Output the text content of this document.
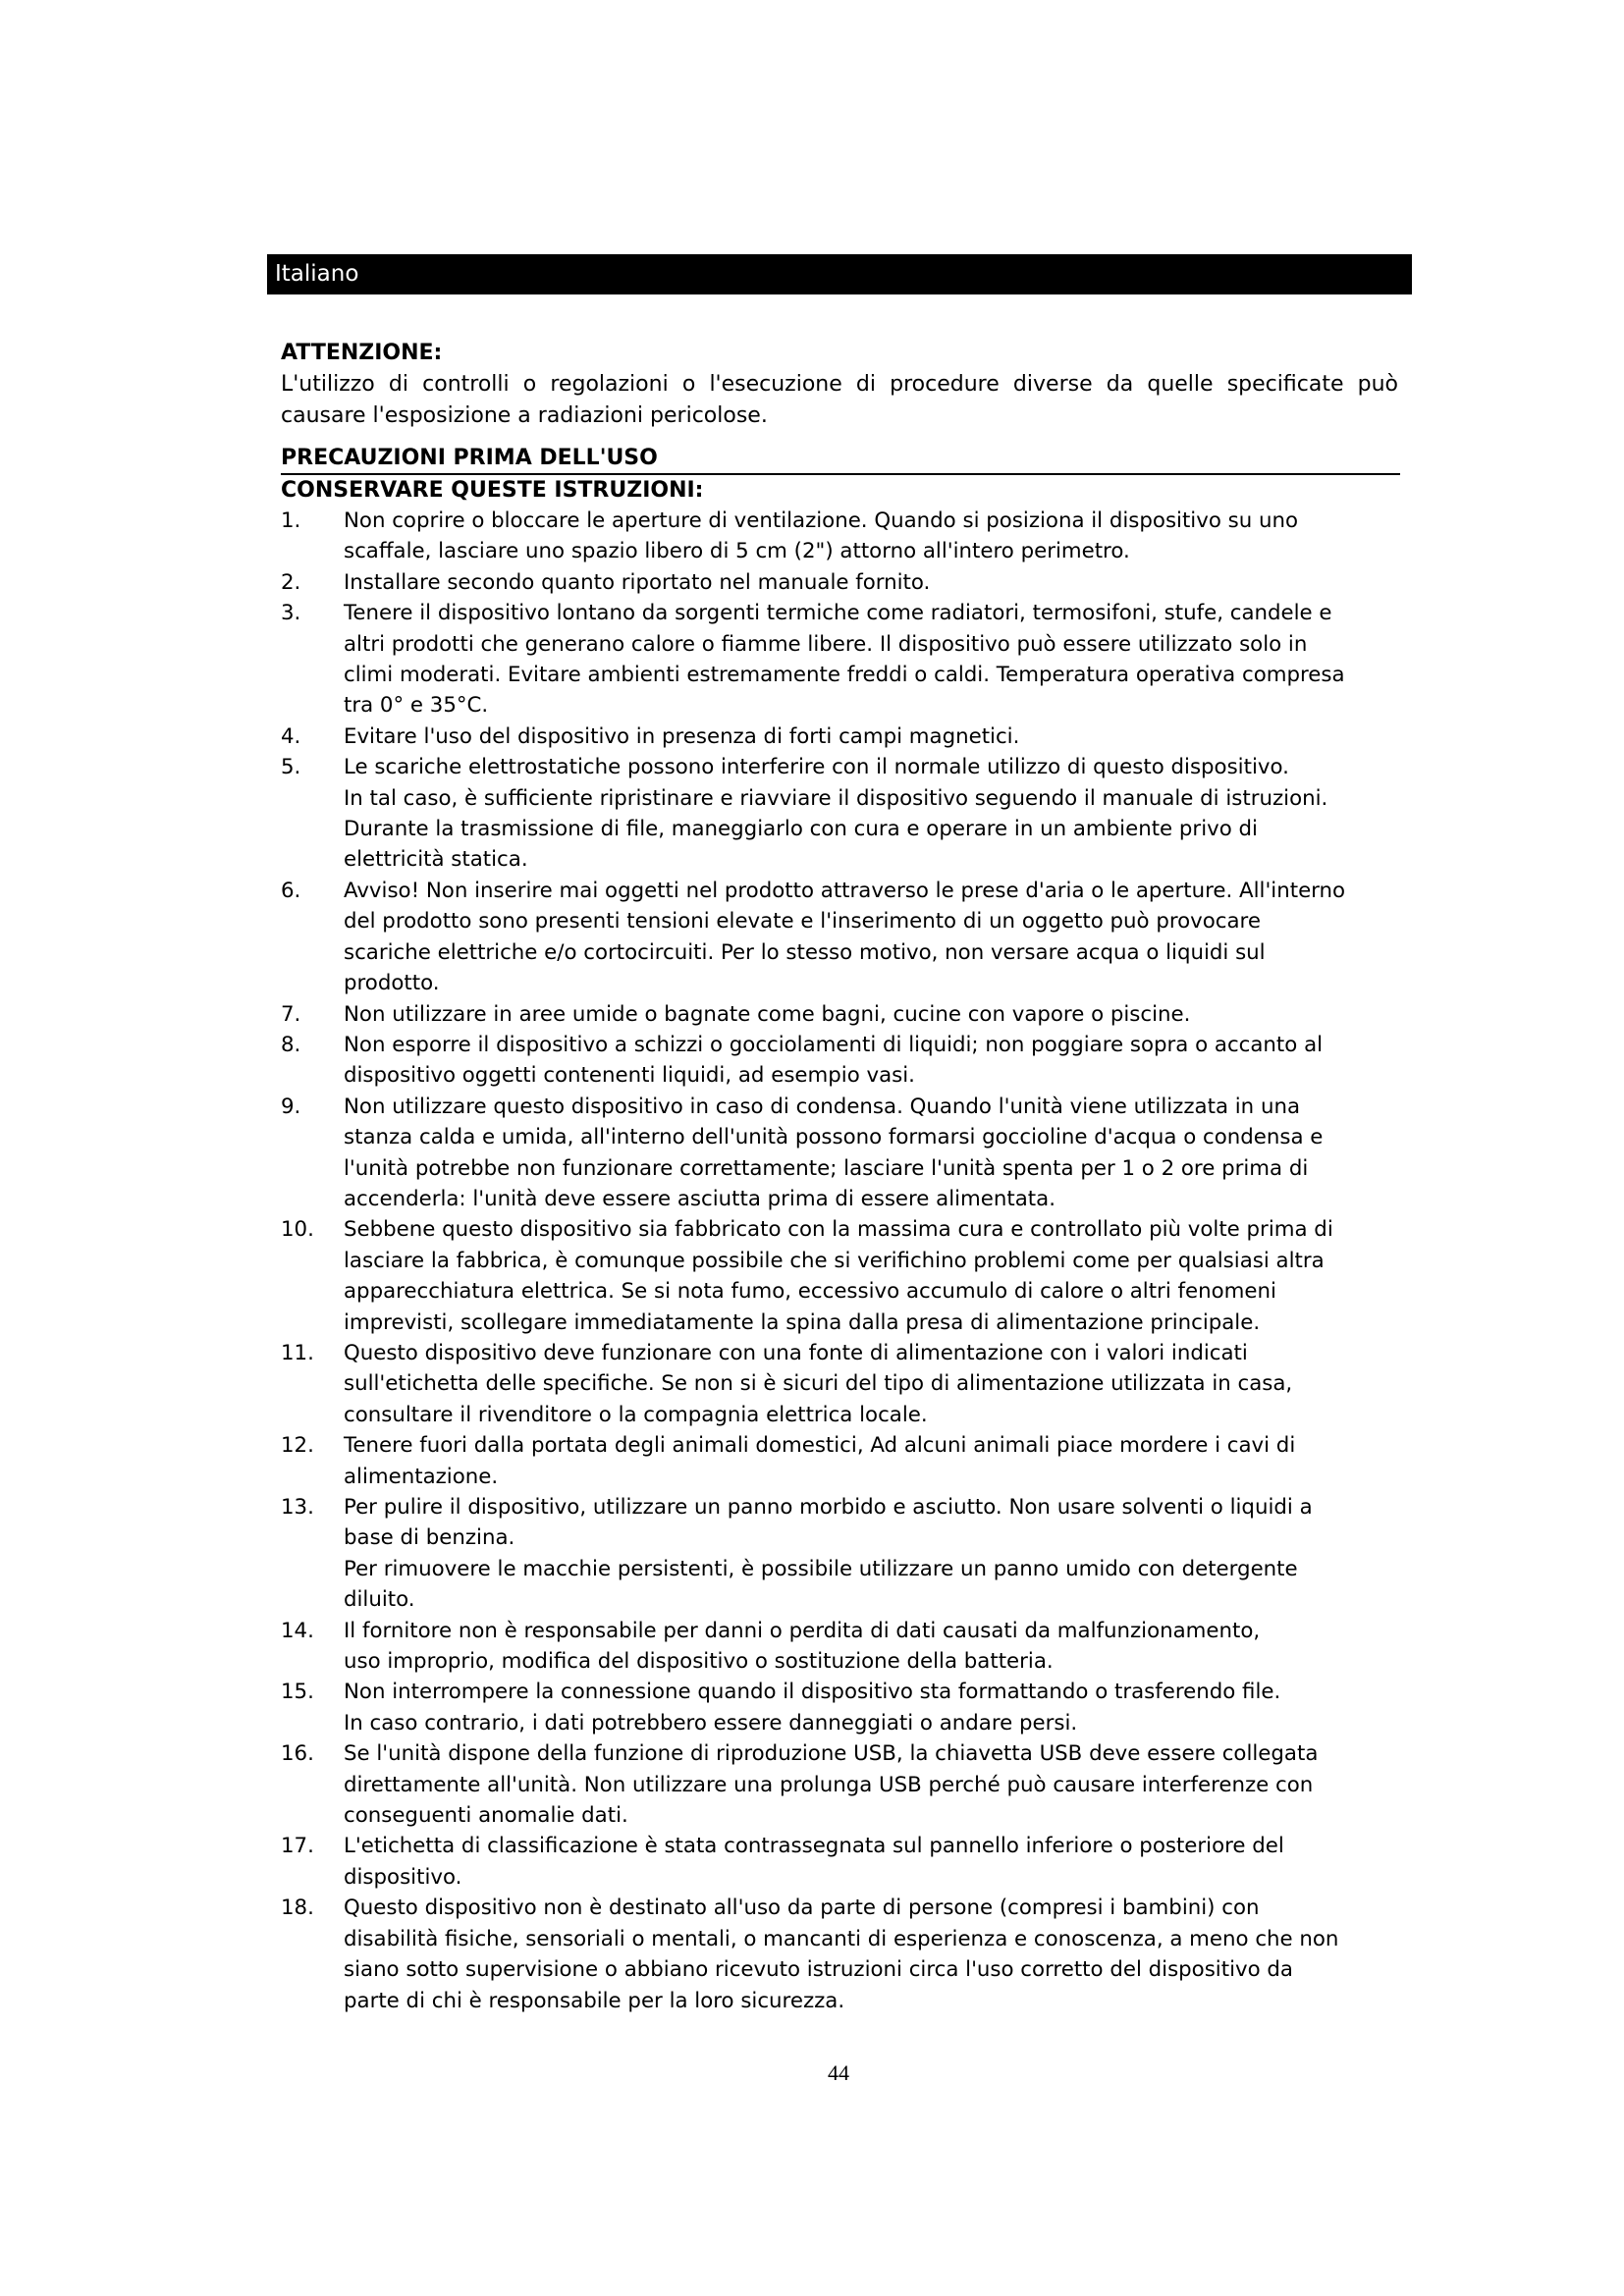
Italiano
ATTENZIONE:
L'utilizzo di controlli o regolazioni o l'esecuzione di procedure diverse da quelle specificate può causare l'esposizione a radiazioni pericolose.
PRECAUZIONI PRIMA DELL'USO
CONSERVARE QUESTE ISTRUZIONI:
1.	Non coprire o bloccare le aperture di ventilazione. Quando si posiziona il dispositivo su uno
scaffale, lasciare uno spazio libero di 5 cm (2") attorno all'intero perimetro.
2.	Installare secondo quanto riportato nel manuale fornito.
3.	Tenere il dispositivo lontano da sorgenti termiche come radiatori, termosifoni, stufe, candele e
altri prodotti che generano calore o fiamme libere. Il dispositivo può essere utilizzato solo in
climi moderati. Evitare ambienti estremamente freddi o caldi. Temperatura operativa compresa
tra 0° e 35°C.
4.	Evitare l'uso del dispositivo in presenza di forti campi magnetici.
5.	Le scariche elettrostatiche possono interferire con il normale utilizzo di questo dispositivo.
In tal caso, è sufficiente ripristinare e riavviare il dispositivo seguendo il manuale di istruzioni.
Durante la trasmissione di file, maneggiarlo con cura e operare in un ambiente privo di
elettricità statica.
6.	Avviso! Non inserire mai oggetti nel prodotto attraverso le prese d'aria o le aperture. All'interno
del prodotto sono presenti tensioni elevate e l'inserimento di un oggetto può provocare
scariche elettriche e/o cortocircuiti. Per lo stesso motivo, non versare acqua o liquidi sul
prodotto.
7.	Non utilizzare in aree umide o bagnate come bagni, cucine con vapore o piscine.
8.	Non esporre il dispositivo a schizzi o gocciolamenti di liquidi; non poggiare sopra o accanto al
dispositivo oggetti contenenti liquidi, ad esempio vasi.
9.	Non utilizzare questo dispositivo in caso di condensa. Quando l'unità viene utilizzata in una
stanza calda e umida, all'interno dell'unità possono formarsi goccioline d'acqua o condensa e
l'unità potrebbe non funzionare correttamente; lasciare l'unità spenta per 1 o 2 ore prima di
accenderla: l'unità deve essere asciutta prima di essere alimentata.
10.	Sebbene questo dispositivo sia fabbricato con la massima cura e controllato più volte prima di
lasciare la fabbrica, è comunque possibile che si verifichino problemi come per qualsiasi altra
apparecchiatura elettrica. Se si nota fumo, eccessivo accumulo di calore o altri fenomeni
imprevisti, scollegare immediatamente la spina dalla presa di alimentazione principale.
11.	Questo dispositivo deve funzionare con una fonte di alimentazione con i valori indicati
sull'etichetta delle specifiche. Se non si è sicuri del tipo di alimentazione utilizzata in casa,
consultare il rivenditore o la compagnia elettrica locale.
12.	Tenere fuori dalla portata degli animali domestici, Ad alcuni animali piace mordere i cavi di
alimentazione.
13.	Per pulire il dispositivo, utilizzare un panno morbido e asciutto. Non usare solventi o liquidi a
base di benzina.
Per rimuovere le macchie persistenti, è possibile utilizzare un panno umido con detergente
diluito.
14.	Il fornitore non è responsabile per danni o perdita di dati causati da malfunzionamento,
uso improprio, modifica del dispositivo o sostituzione della batteria.
15.	Non interrompere la connessione quando il dispositivo sta formattando o trasferendo file.
In caso contrario, i dati potrebbero essere danneggiati o andare persi.
16.	Se l'unità dispone della funzione di riproduzione USB, la chiavetta USB deve essere collegata
direttamente all'unità. Non utilizzare una prolunga USB perché può causare interferenze con
conseguenti anomalie dati.
17.	L'etichetta di classificazione è stata contrassegnata sul pannello inferiore o posteriore del
dispositivo.
18.	Questo dispositivo non è destinato all'uso da parte di persone (compresi i bambini) con
disabilità fisiche, sensoriali o mentali, o mancanti di esperienza e conoscenza, a meno che non
siano sotto supervisione o abbiano ricevuto istruzioni circa l'uso corretto del dispositivo da
parte di chi è responsabile per la loro sicurezza.
44
